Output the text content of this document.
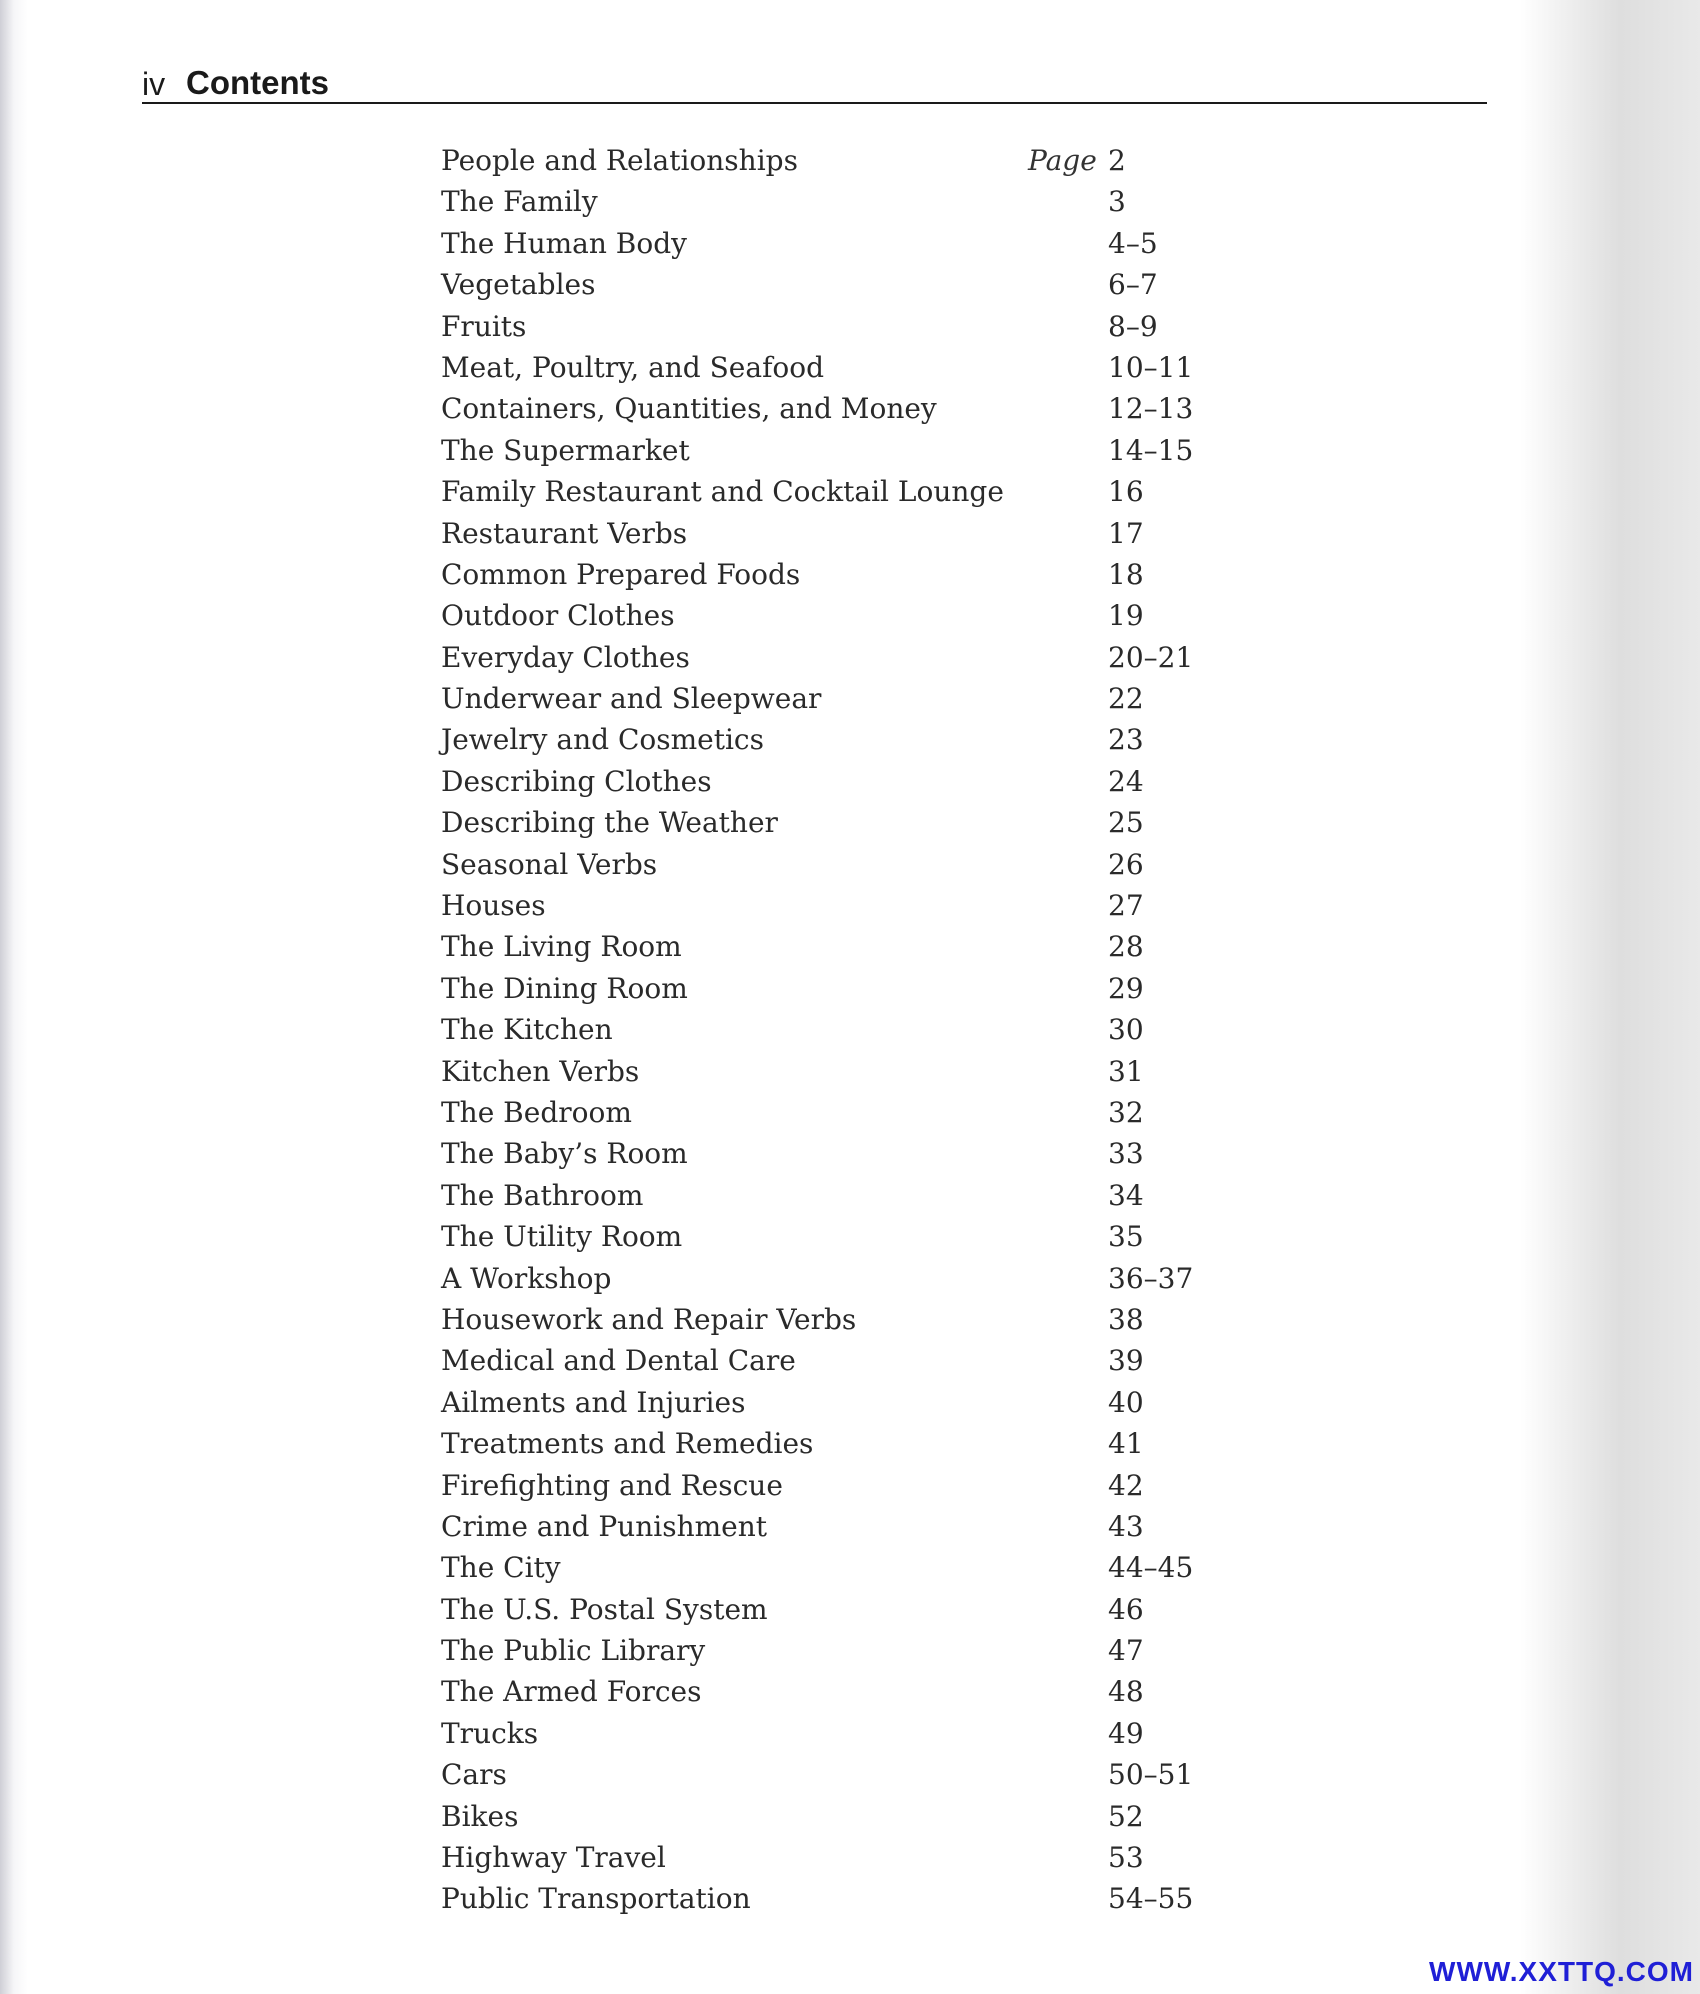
iv Contents
People and Relationships	Page 2
The Family	3
The Human Body	4–5
Vegetables	6–7
Fruits	8–9
Meat, Poultry, and Seafood	10–11
Containers, Quantities, and Money	12–13
The Supermarket	14–15
Family Restaurant and Cocktail Lounge	16
Restaurant Verbs	17
Common Prepared Foods	18
Outdoor Clothes	19
Everyday Clothes	20–21
Underwear and Sleepwear	22
Jewelry and Cosmetics	23
Describing Clothes	24
Describing the Weather	25
Seasonal Verbs	26
Houses	27
The Living Room	28
The Dining Room	29
The Kitchen	30
Kitchen Verbs	31
The Bedroom	32
The Baby’s Room	33
The Bathroom	34
The Utility Room	35
A Workshop	36–37
Housework and Repair Verbs	38
Medical and Dental Care	39
Ailments and Injuries	40
Treatments and Remedies	41
Firefighting and Rescue	42
Crime and Punishment	43
The City	44–45
The U.S. Postal System	46
The Public Library	47
The Armed Forces	48
Trucks	49
Cars	50–51
Bikes	52
Highway Travel	53
Public Transportation	54–55
WWW.XXTTQ.COM
